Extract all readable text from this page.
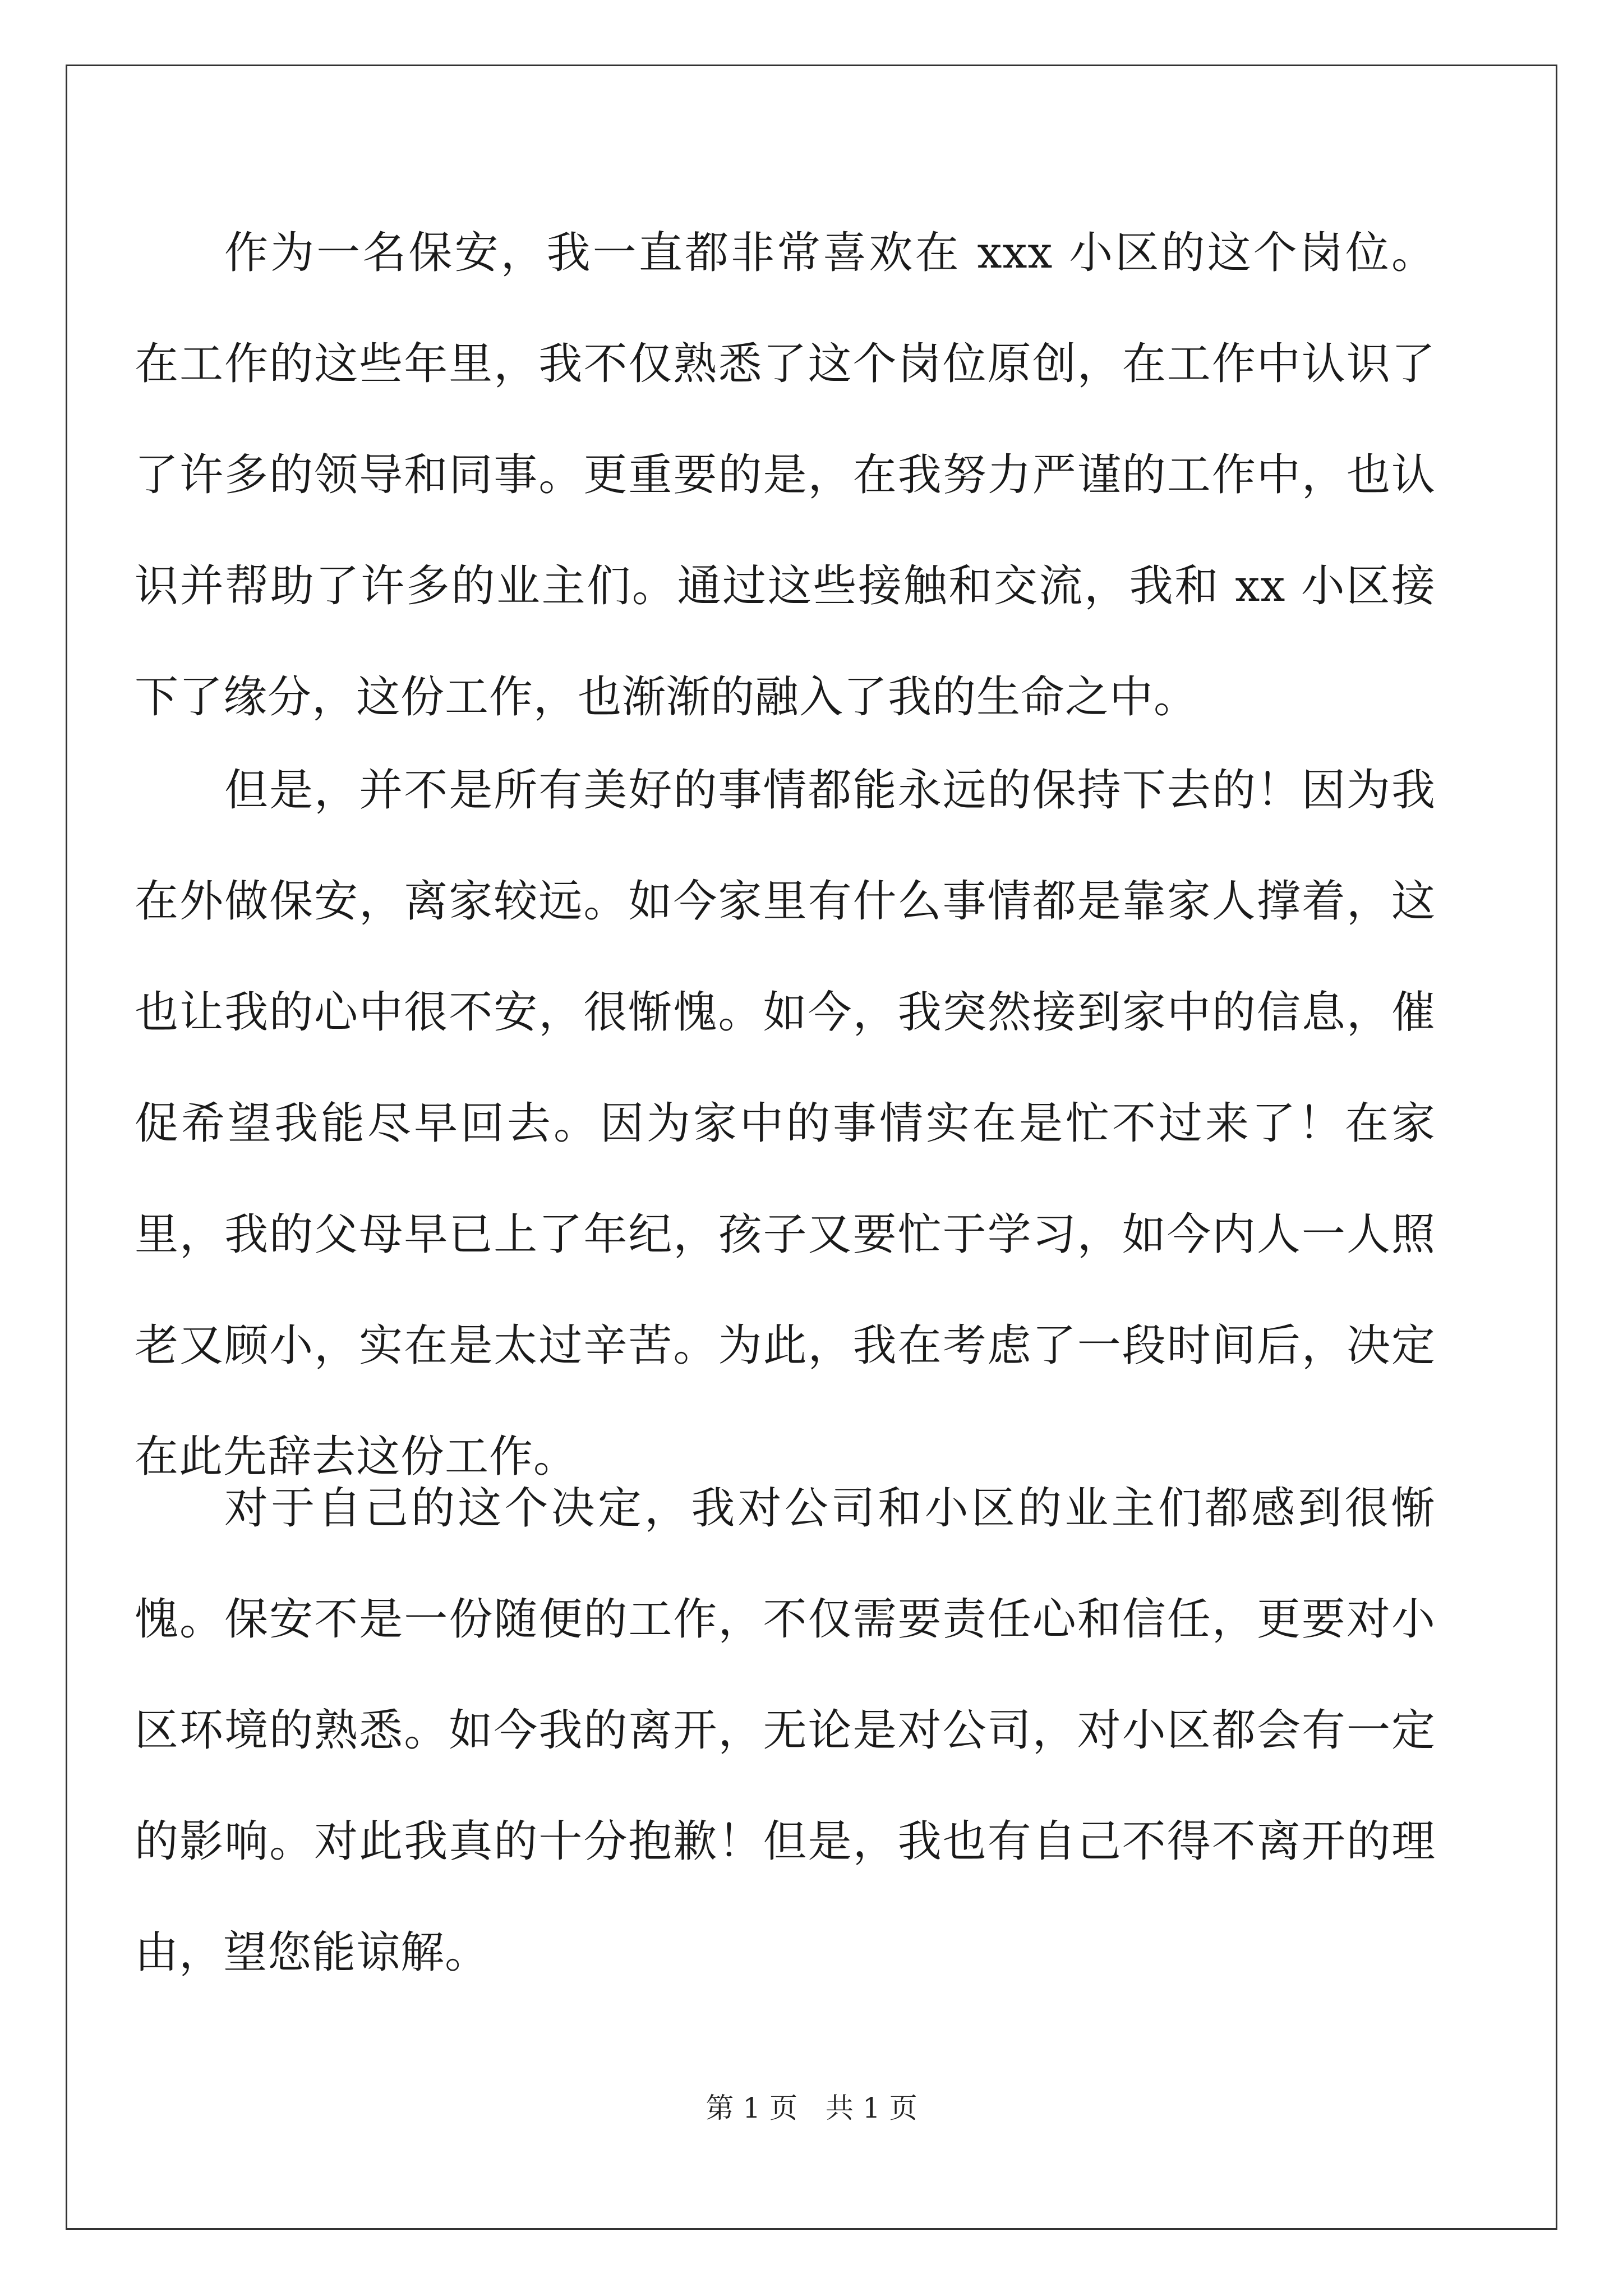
作为一名保安，我一直都非常喜欢在 xxx 小区的这个岗位。在工作的这些年里，我不仅熟悉了这个岗位原创，在工作中认识了了许多的领导和同事。更重要的是，在我努力严谨的工作中，也认识并帮助了许多的业主们。通过这些接触和交流，我和 xx 小区接下了缘分，这份工作，也渐渐的融入了我的生命之中。

但是，并不是所有美好的事情都能永远的保持下去的！因为我在外做保安，离家较远。如今家里有什么事情都是靠家人撑着，这也让我的心中很不安，很惭愧。如今，我突然接到家中的信息，催促希望我能尽早回去。因为家中的事情实在是忙不过来了！在家里，我的父母早已上了年纪，孩子又要忙于学习，如今内人一人照老又顾小，实在是太过辛苦。为此，我在考虑了一段时间后，决定在此先辞去这份工作。

对于自己的这个决定，我对公司和小区的业主们都感到很惭愧。保安不是一份随便的工作，不仅需要责任心和信任，更要对小区环境的熟悉。如今我的离开，无论是对公司，对小区都会有一定的影响。对此我真的十分抱歉！但是，我也有自己不得不离开的理由，望您能谅解。

第 1 页 共 1 页
